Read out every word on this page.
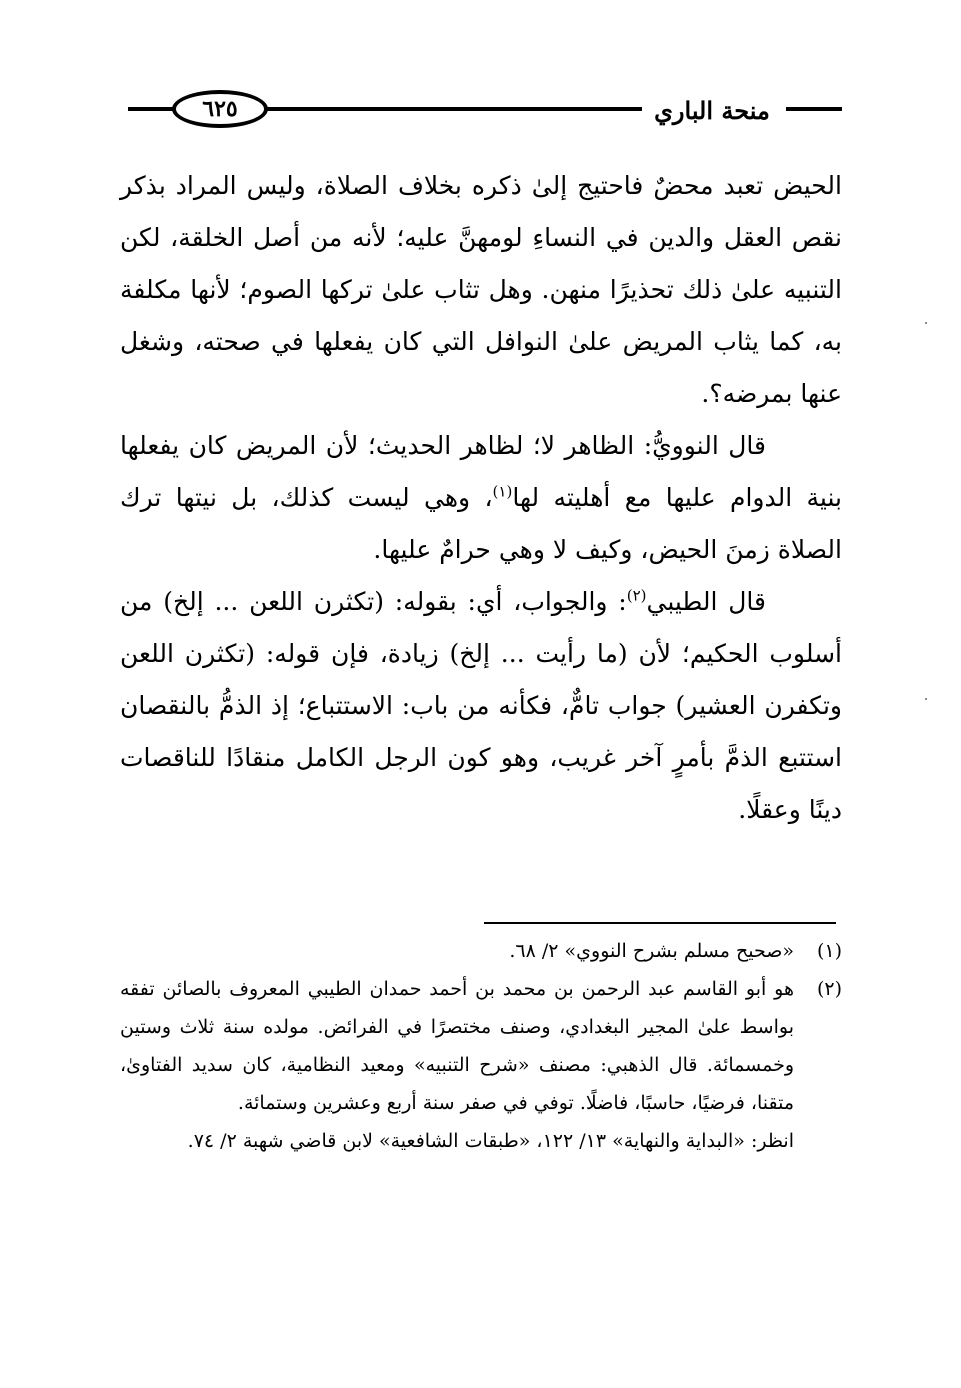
٦٢٥	منحة الباري

الحيض تعبد محضٌ فاحتيج إلىٰ ذكره بخلاف الصلاة، وليس المراد بذكر نقص العقل والدين في النساءِ لومهنَّ عليه؛ لأنه من أصل الخلقة، لكن التنبيه علىٰ ذلك تحذيرًا منهن. وهل تثاب علىٰ تركها الصوم؛ لأنها مكلفة به، كما يثاب المريض علىٰ النوافل التي كان يفعلها في صحته، وشغل عنها بمرضه؟.

قال النوويُّ: الظاهر لا؛ لظاهر الحديث؛ لأن المريض كان يفعلها بنية الدوام عليها مع أهليته لها$^{(١)}$، وهي ليست كذلك، بل نيتها ترك الصلاة زمنَ الحيض، وكيف لا وهي حرامٌ عليها.

قال الطيبي$^{(٢)}$: والجواب، أي: بقوله: (تكثرن اللعن ... إلخ) من أسلوب الحكيم؛ لأن (ما رأيت ... إلخ) زيادة، فإن قوله: (تكثرن اللعن وتكفرن العشير) جواب تامٌّ، فكأنه من باب: الاستتباع؛ إذ الذمُّ بالنقصان استتبع الذمَّ بأمرٍ آخر غريب، وهو كون الرجل الكامل منقادًا للناقصات دينًا وعقلًا.

(١)
«صحيح مسلم بشرح النووي» ٢/ ٦٨.
(٢)
هو أبو القاسم عبد الرحمن بن محمد بن أحمد حمدان الطيبي المعروف بالصائن تفقه بواسط علىٰ المجير البغدادي، وصنف مختصرًا في الفرائض. مولده سنة ثلاث وستين وخمسمائة. قال الذهبي: مصنف «شرح التنبيه» ومعيد النظامية، كان سديد الفتاوىٰ، متقنا، فرضيًا، حاسبًا، فاضلًا. توفي في صفر سنة أربع وعشرين وستمائة.
انظر: «البداية والنهاية» ١٣/ ١٢٢، «طبقات الشافعية» لابن قاضي شهبة ٢/ ٧٤.
